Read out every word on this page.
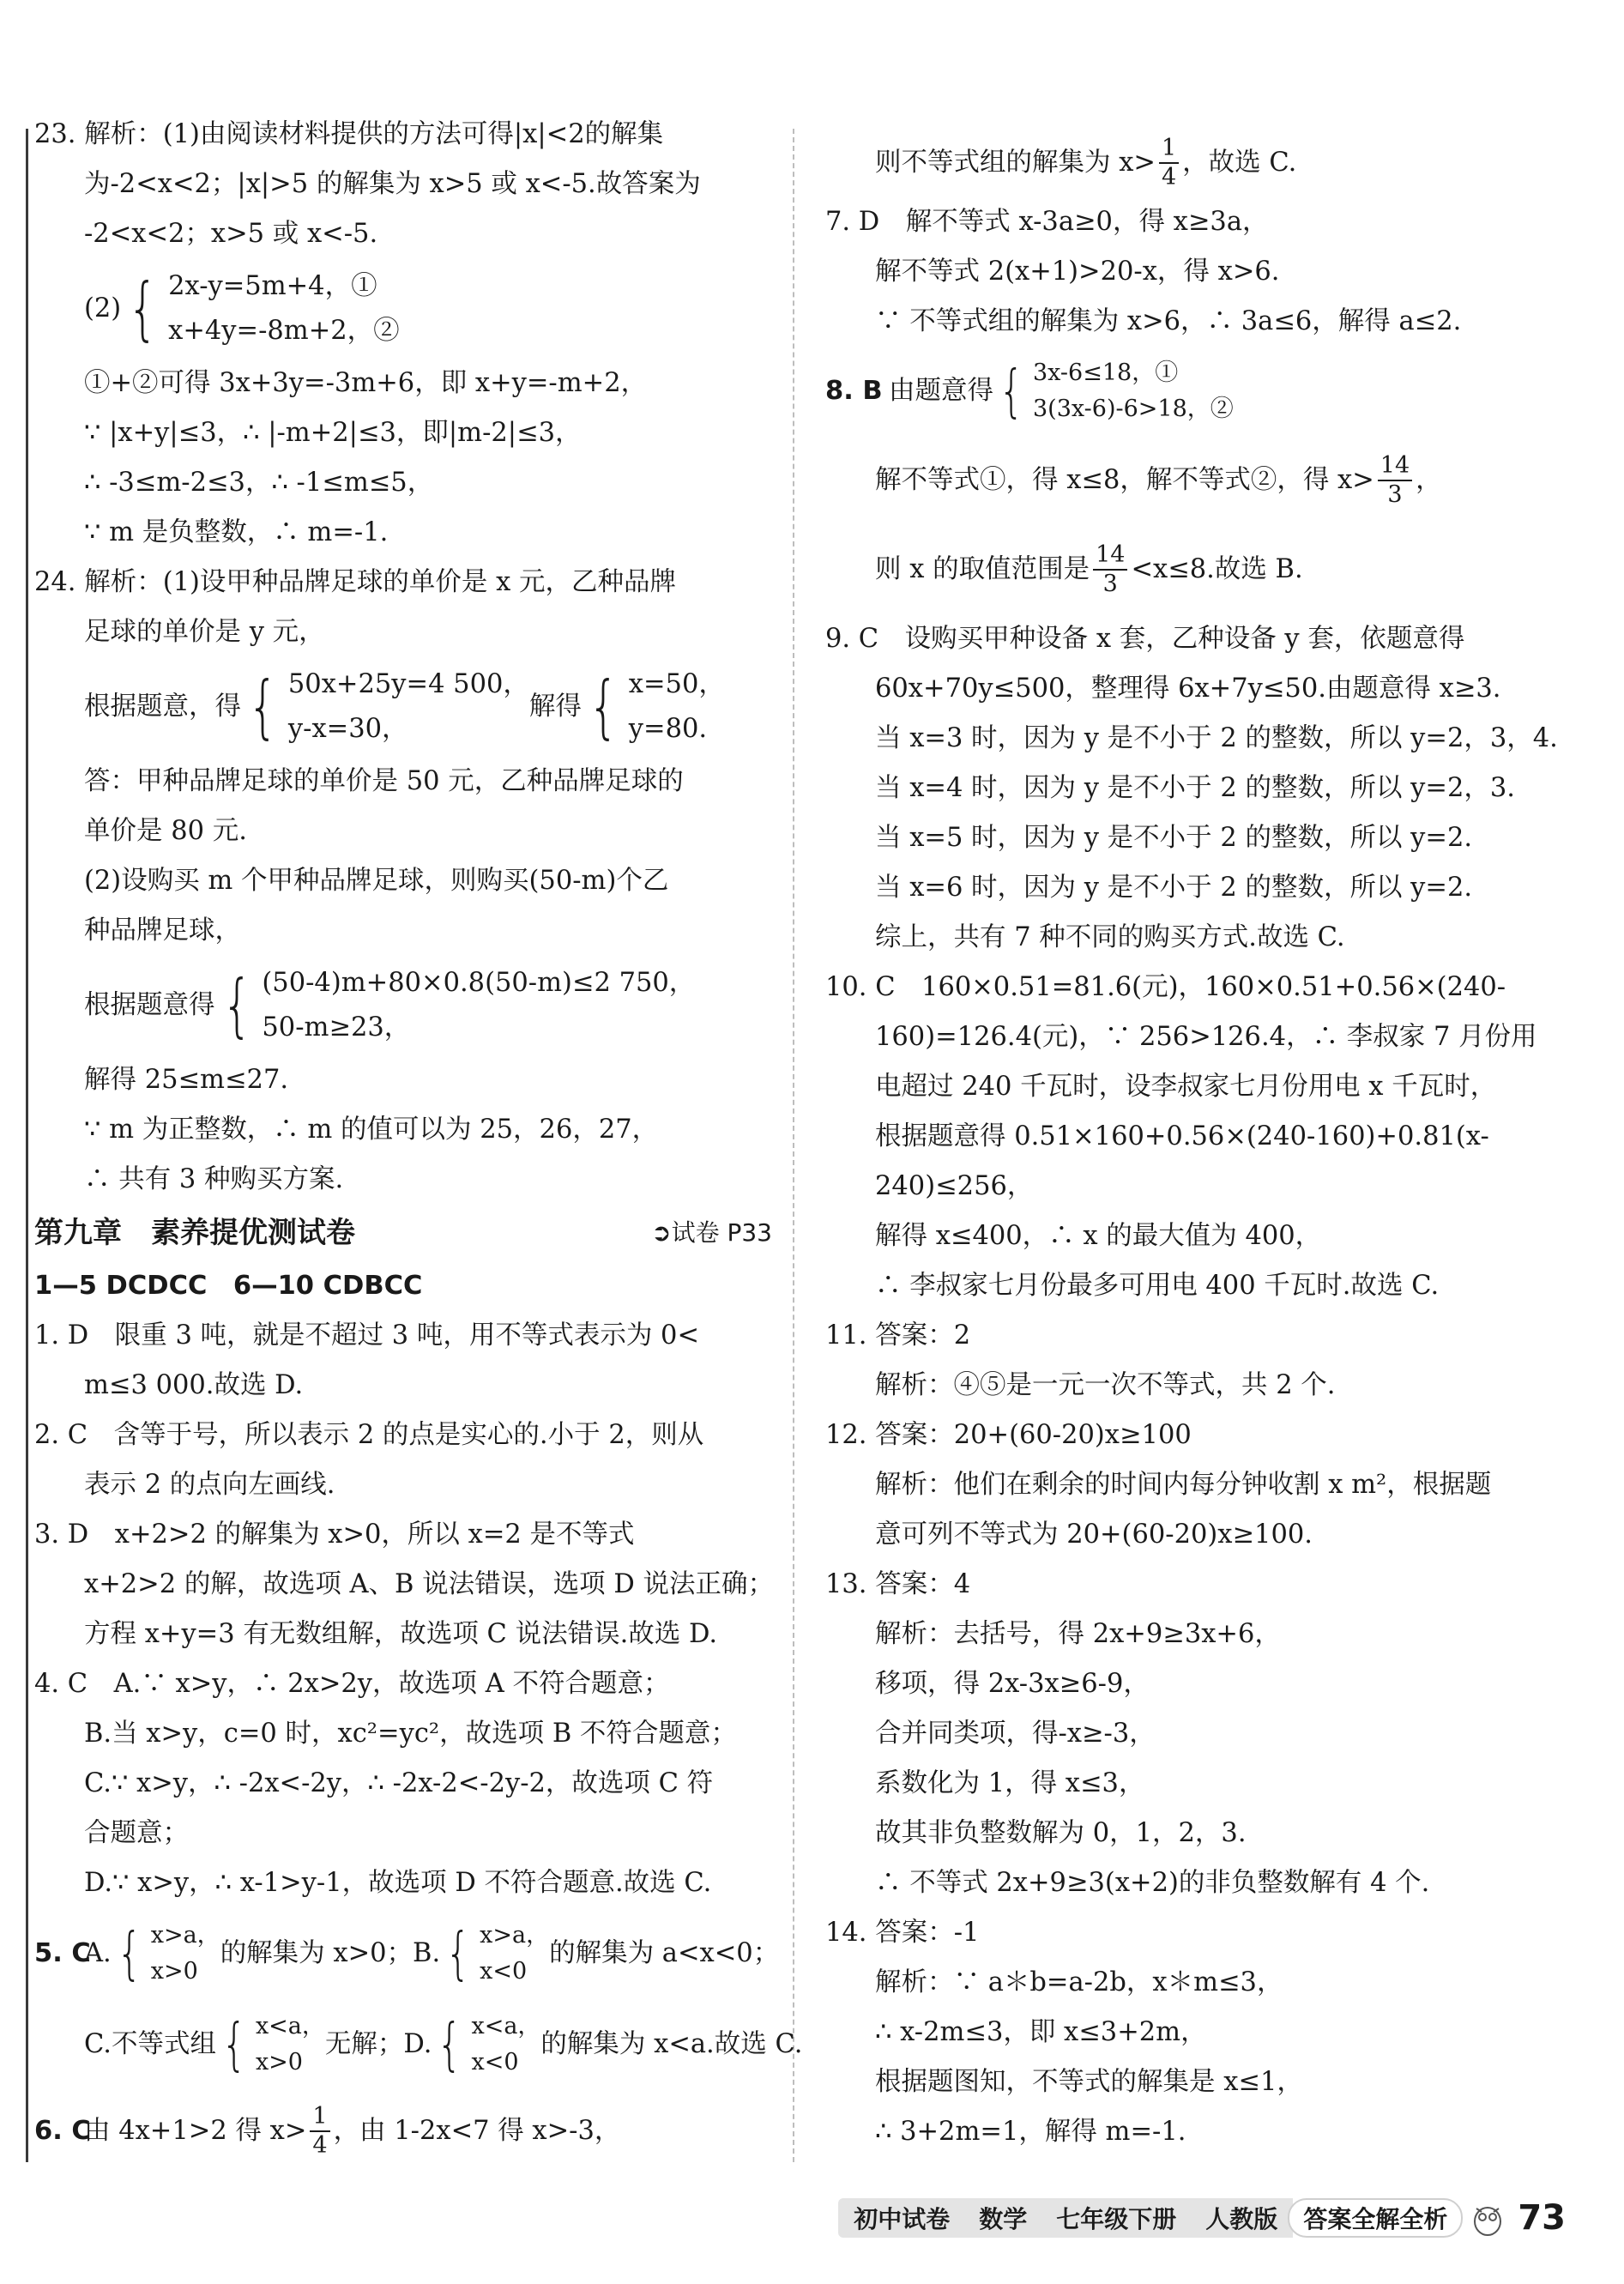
23. 解析：(1)由阅读材料提供的方法可得|x|<2的解集
为-2<x<2；|x|>5 的解集为 x>5 或 x<-5.故答案为
-2<x<2；x>5 或 x<-5.
(2) { 2x-y=5m+4，①
x+4y=-8m+2，②
①+②可得 3x+3y=-3m+6，即 x+y=-m+2，
∵ |x+y|≤3，∴ |-m+2|≤3，即|m-2|≤3，
∴ -3≤m-2≤3，∴ -1≤m≤5，
∵ m 是负整数，∴ m=-1.
24. 解析：(1)设甲种品牌足球的单价是 x 元，乙种品牌
足球的单价是 y 元，
根据题意，得 { 50x+25y=4 500，
y-x=30，
解得 { x=50，
y=80.
答：甲种品牌足球的单价是 50 元，乙种品牌足球的
单价是 80 元.
(2)设购买 m 个甲种品牌足球，则购买(50-m)个乙
种品牌足球，
根据题意得 { (50-4)m+80×0.8(50-m)≤2 750，
50-m≥23，
解得 25≤m≤27.
∵ m 为正整数，∴ m 的值可以为 25，26，27，
∴ 共有 3 种购买方案.
第九章　素养提优测试卷	➲试卷 P33
1—5 DCDCC　6—10 CDBCC
1. D　限重 3 吨，就是不超过 3 吨，用不等式表示为 0<
m≤3 000.故选 D.
2. C　含等于号，所以表示 2 的点是实心的.小于 2，则从
表示 2 的点向左画线.
3. D　x+2>2 的解集为 x>0，所以 x=2 是不等式
x+2>2 的解，故选项 A、B 说法错误，选项 D 说法正确；
方程 x+y=3 有无数组解，故选项 C 说法错误.故选 D.
4. C　A.∵ x>y，∴ 2x>2y，故选项 A 不符合题意；
B.当 x>y，c=0 时，xc²=yc²，故选项 B 不符合题意；
C.∵ x>y，∴ -2x<-2y，∴ -2x-2<-2y-2，故选项 C 符
合题意；
D.∵ x>y，∴ x-1>y-1，故选项 D 不符合题意.故选 C.
5. C
A. { x>a，
x>0
的解集为 x>0；B. { x>a，
x<0
的解集为 a<x<0；
C.不等式组 { x<a，
x>0
无解；D. { x<a，
x<0
的解集为 x<a.故选 C.
6. C
由 4x+1>2 得 $x> \frac{1}{4}$ ，由 1-2x<7 得 x>-3，
则不等式组的解集为 $x> \frac{1}{4}$ ，故选 C.
7. D　解不等式 x-3a≥0，得 x≥3a，
解不等式 2(x+1)>20-x，得 x>6.
∵ 不等式组的解集为 x>6，∴ 3a≤6，解得 a≤2.
8. B 由题意得 { 3x-6≤18，①
3(3x-6)-6>18，②
解不等式①，得 x≤8，解不等式②，得 $x> \frac{14}{3}$ ，
则 x 的取值范围是 $\frac{14}{3} <x\le 8$.故选 B.
9. C　设购买甲种设备 x 套，乙种设备 y 套，依题意得
60x+70y≤500，整理得 6x+7y≤50.由题意得 x≥3.
当 x=3 时，因为 y 是不小于 2 的整数，所以 y=2，3，4.
当 x=4 时，因为 y 是不小于 2 的整数，所以 y=2，3.
当 x=5 时，因为 y 是不小于 2 的整数，所以 y=2.
当 x=6 时，因为 y 是不小于 2 的整数，所以 y=2.
综上，共有 7 种不同的购买方式.故选 C.
10. C　160×0.51=81.6(元)，160×0.51+0.56×(240-
160)=126.4(元)，∵ 256>126.4，∴ 李叔家 7 月份用
电超过 240 千瓦时，设李叔家七月份用电 x 千瓦时，
根据题意得 0.51×160+0.56×(240-160)+0.81(x-
240)≤256，
解得 x≤400，∴ x 的最大值为 400，
∴ 李叔家七月份最多可用电 400 千瓦时.故选 C.
11. 答案：2
解析：④⑤是一元一次不等式，共 2 个.
12. 答案：20+(60-20)x≥100
解析：他们在剩余的时间内每分钟收割 x m²，根据题
意可列不等式为 20+(60-20)x≥100.
13. 答案：4
解析：去括号，得 2x+9≥3x+6，
移项，得 2x-3x≥6-9，
合并同类项，得-x≥-3，
系数化为 1，得 x≤3，
故其非负整数解为 0，1，2，3.
∴ 不等式 2x+9≥3(x+2)的非负整数解有 4 个.
14. 答案：-1
解析：∵ a＊b=a-2b，x＊m≤3，
∴ x-2m≤3，即 x≤3+2m，
根据题图知，不等式的解集是 x≤1，
∴ 3+2m=1，解得 m=-1.
初中试卷 数学 七年级下册 人教版	答案全解全析	73
